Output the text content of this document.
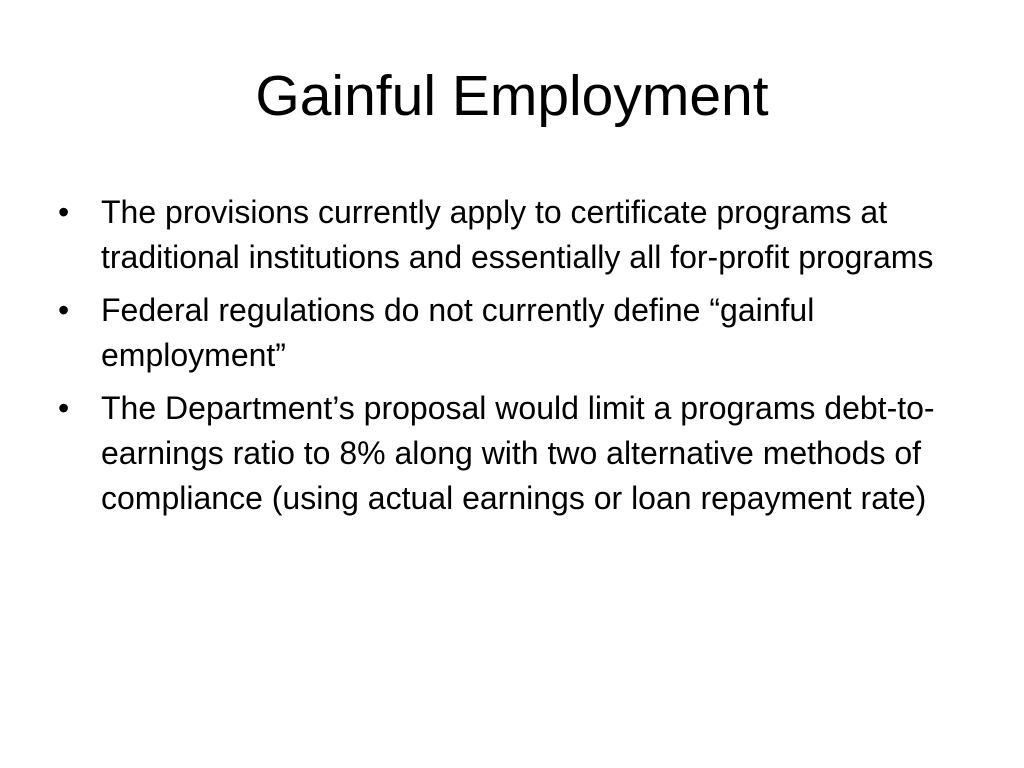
Gainful Employment
• The provisions currently apply to certificate programs at traditional institutions and essentially all for-profit programs
• Federal regulations do not currently define “gainful employment”
• The Department’s proposal would limit a programs debt-to-earnings ratio to 8% along with two alternative methods of compliance (using actual earnings or loan repayment rate)
